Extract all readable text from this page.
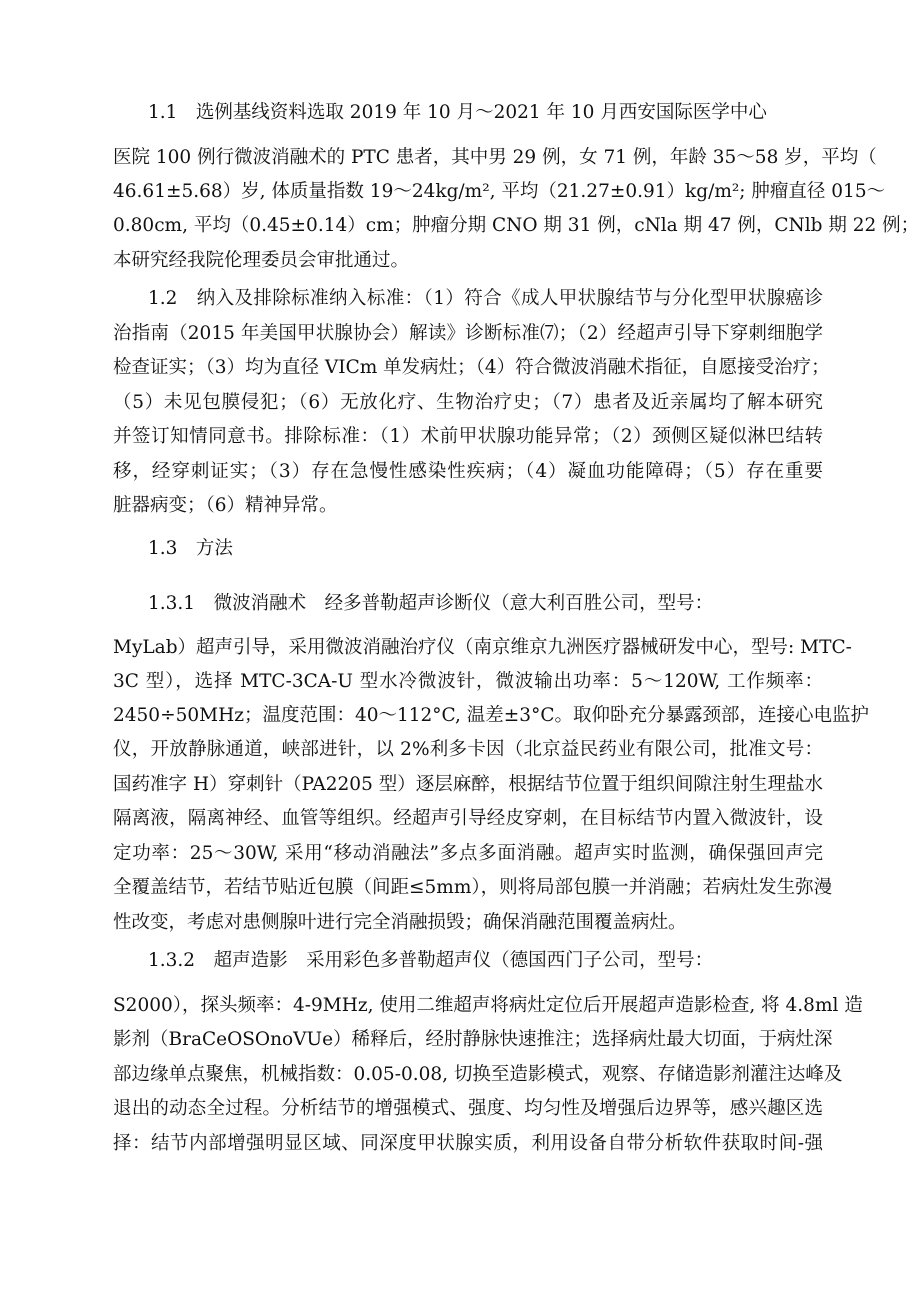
1.1　选例基线资料选取 2019 年 10 月～2021 年 10 月西安国际医学中心
医院 100 例行微波消融术的 PTC 患者，其中男 29 例，女 71 例，年龄 35～58 岁，平均（
46.61±5.68）岁, 体质量指数 19～24kg/m², 平均（21.27±0.91）kg/m²; 肿瘤直径 015～
0.80cm, 平均（0.45±0.14）cm；肿瘤分期 CNO 期 31 例，cNla 期 47 例，CNlb 期 22 例；
本研究经我院伦理委员会审批通过。
1.2　纳入及排除标准纳入标准：（1）符合《成人甲状腺结节与分化型甲状腺癌诊
治指南（2015 年美国甲状腺协会）解读》诊断标准⑺；（2）经超声引导下穿刺细胞学
检查证实；（3）均为直径 VICm 单发病灶；（4）符合微波消融术指征，自愿接受治疗；
（5）未见包膜侵犯；（6）无放化疗、生物治疗史；（7）患者及近亲属均了解本研究
并签订知情同意书。排除标准：（1）术前甲状腺功能异常；（2）颈侧区疑似淋巴结转
移，经穿刺证实；（3）存在急慢性感染性疾病；（4）凝血功能障碍；（5）存在重要
脏器病变；（6）精神异常。
1.3　方法
1.3.1　微波消融术　经多普勒超声诊断仪（意大利百胜公司，型号：
MyLab）超声引导，采用微波消融治疗仪（南京维京九洲医疗器械研发中心，型号: MTC-
3C 型），选择 MTC-3CA-U 型水冷微波针，微波输出功率：5～120W, 工作频率：
2450÷50MHz；温度范围：40～112°C, 温差±3°C。取仰卧充分暴露颈部，连接心电监护
仪，开放静脉通道，峡部进针，以 2%利多卡因（北京益民药业有限公司，批准文号：
国药准字 H）穿刺针（PA2205 型）逐层麻醉，根据结节位置于组织间隙注射生理盐水
隔离液，隔离神经、血管等组织。经超声引导经皮穿刺，在目标结节内置入微波针，设
定功率：25～30W, 采用“移动消融法”多点多面消融。超声实时监测，确保强回声完
全覆盖结节，若结节贴近包膜（间距≤5mm），则将局部包膜一并消融；若病灶发生弥漫
性改变，考虑对患侧腺叶进行完全消融损毁；确保消融范围覆盖病灶。
1.3.2　超声造影　采用彩色多普勒超声仪（德国西门子公司，型号：
S2000），探头频率：4-9MHz, 使用二维超声将病灶定位后开展超声造影检查, 将 4.8ml 造
影剂（BraCeOSOnoVUe）稀释后，经肘静脉快速推注；选择病灶最大切面，于病灶深
部边缘单点聚焦，机械指数：0.05-0.08, 切换至造影模式，观察、存储造影剂灌注达峰及
退出的动态全过程。分析结节的增强模式、强度、均匀性及增强后边界等，感兴趣区选
择：结节内部增强明显区域、同深度甲状腺实质，利用设备自带分析软件获取时间-强
